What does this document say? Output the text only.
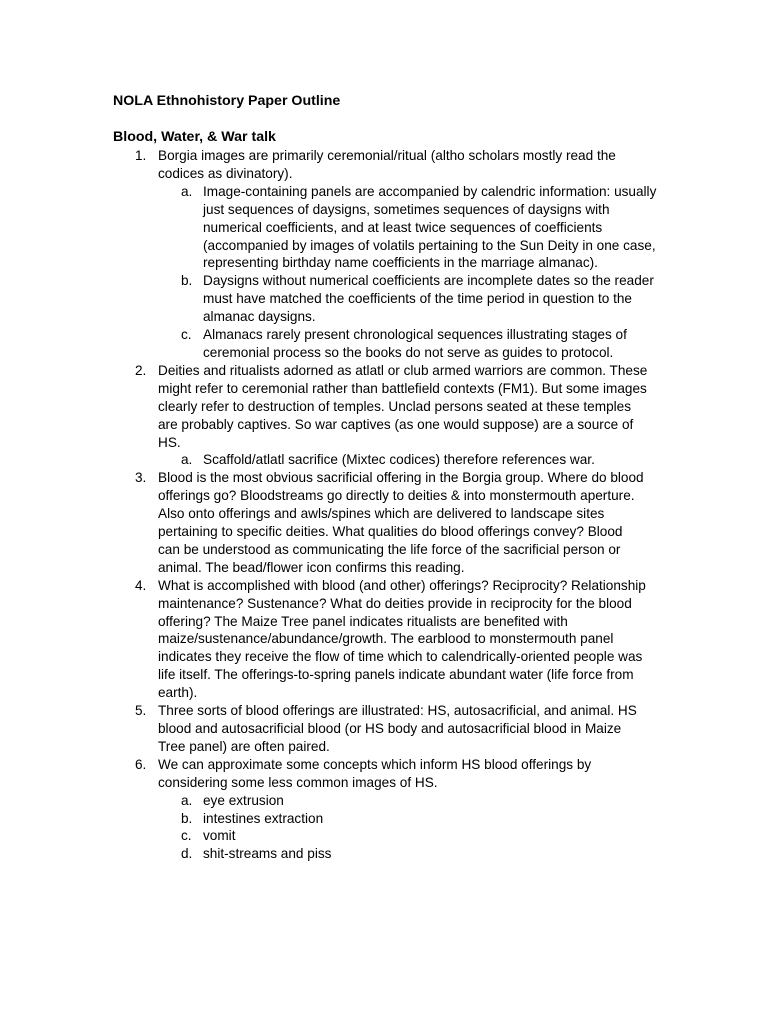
NOLA Ethnohistory Paper Outline
Blood, Water, & War talk
1. Borgia images are primarily ceremonial/ritual (altho scholars mostly read the codices as divinatory).
a. Image-containing panels are accompanied by calendric information: usually just sequences of daysigns, sometimes sequences of daysigns with numerical coefficients, and at least twice sequences of coefficients (accompanied by images of volatils pertaining to the Sun Deity in one case, representing birthday name coefficients in the marriage almanac).
b. Daysigns without numerical coefficients are incomplete dates so the reader must have matched the coefficients of the time period in question to the almanac daysigns.
c. Almanacs rarely present chronological sequences illustrating stages of ceremonial process so the books do not serve as guides to protocol.
2. Deities and ritualists adorned as atlatl or club armed warriors are common. These might refer to ceremonial rather than battlefield contexts (FM1). But some images clearly refer to destruction of temples. Unclad persons seated at these temples are probably captives. So war captives (as one would suppose) are a source of HS.
a. Scaffold/atlatl sacrifice (Mixtec codices) therefore references war.
3. Blood is the most obvious sacrificial offering in the Borgia group. Where do blood offerings go? Bloodstreams go directly to deities & into monstermouth aperture. Also onto offerings and awls/spines which are delivered to landscape sites pertaining to specific deities. What qualities do blood offerings convey? Blood can be understood as communicating the life force of the sacrificial person or animal. The bead/flower icon confirms this reading.
4. What is accomplished with blood (and other) offerings? Reciprocity? Relationship maintenance? Sustenance? What do deities provide in reciprocity for the blood offering? The Maize Tree panel indicates ritualists are benefited with maize/sustenance/abundance/growth. The earblood to monstermouth panel indicates they receive the flow of time which to calendrically-oriented people was life itself. The offerings-to-spring panels indicate abundant water (life force from earth).
5. Three sorts of blood offerings are illustrated: HS, autosacrificial, and animal. HS blood and autosacrificial blood (or HS body and autosacrificial blood in Maize Tree panel) are often paired.
6. We can approximate some concepts which inform HS blood offerings by considering some less common images of HS.
a. eye extrusion
b. intestines extraction
c. vomit
d. shit-streams and piss
